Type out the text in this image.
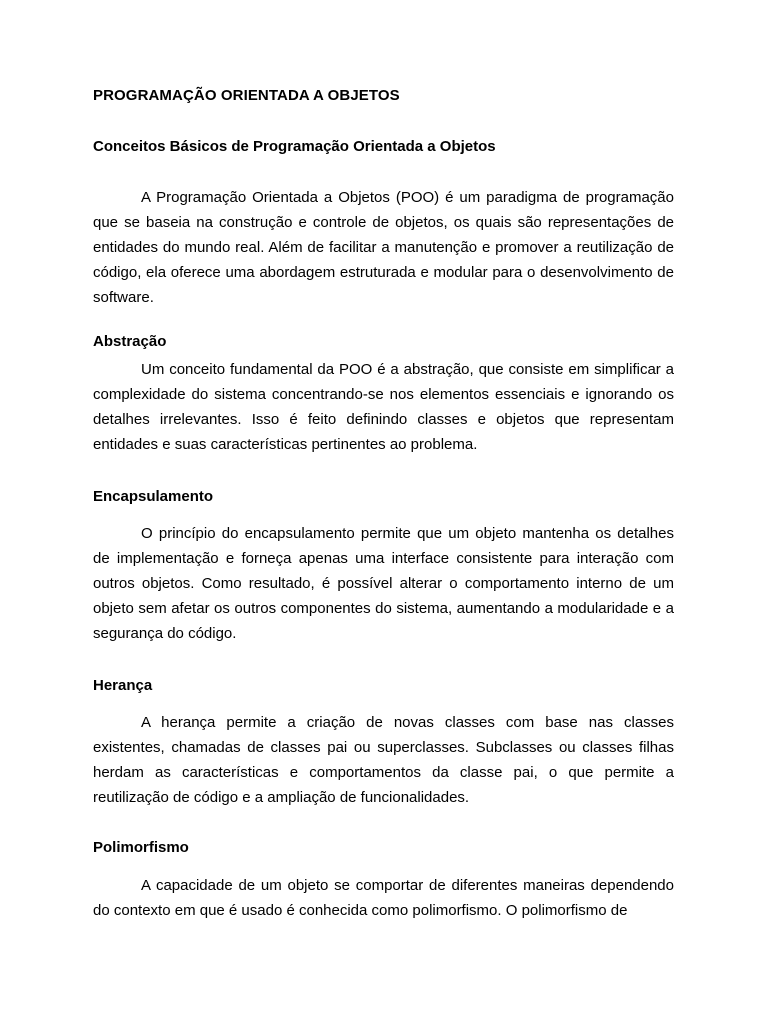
PROGRAMAÇÃO ORIENTADA A OBJETOS
Conceitos Básicos de Programação Orientada a Objetos

A Programação Orientada a Objetos (POO) é um paradigma de programação que se baseia na construção e controle de objetos, os quais são representações de entidades do mundo real. Além de facilitar a manutenção e promover a reutilização de código, ela oferece uma abordagem estruturada e modular para o desenvolvimento de software.

Abstração

Um conceito fundamental da POO é a abstração, que consiste em simplificar a complexidade do sistema concentrando-se nos elementos essenciais e ignorando os detalhes irrelevantes. Isso é feito definindo classes e objetos que representam entidades e suas características pertinentes ao problema.

Encapsulamento

O princípio do encapsulamento permite que um objeto mantenha os detalhes de implementação e forneça apenas uma interface consistente para interação com outros objetos. Como resultado, é possível alterar o comportamento interno de um objeto sem afetar os outros componentes do sistema, aumentando a modularidade e a segurança do código.

Herança

A herança permite a criação de novas classes com base nas classes existentes, chamadas de classes pai ou superclasses. Subclasses ou classes filhas herdam as características e comportamentos da classe pai, o que permite a reutilização de código e a ampliação de funcionalidades.

Polimorfismo

A capacidade de um objeto se comportar de diferentes maneiras dependendo do contexto em que é usado é conhecida como polimorfismo. O polimorfismo de
